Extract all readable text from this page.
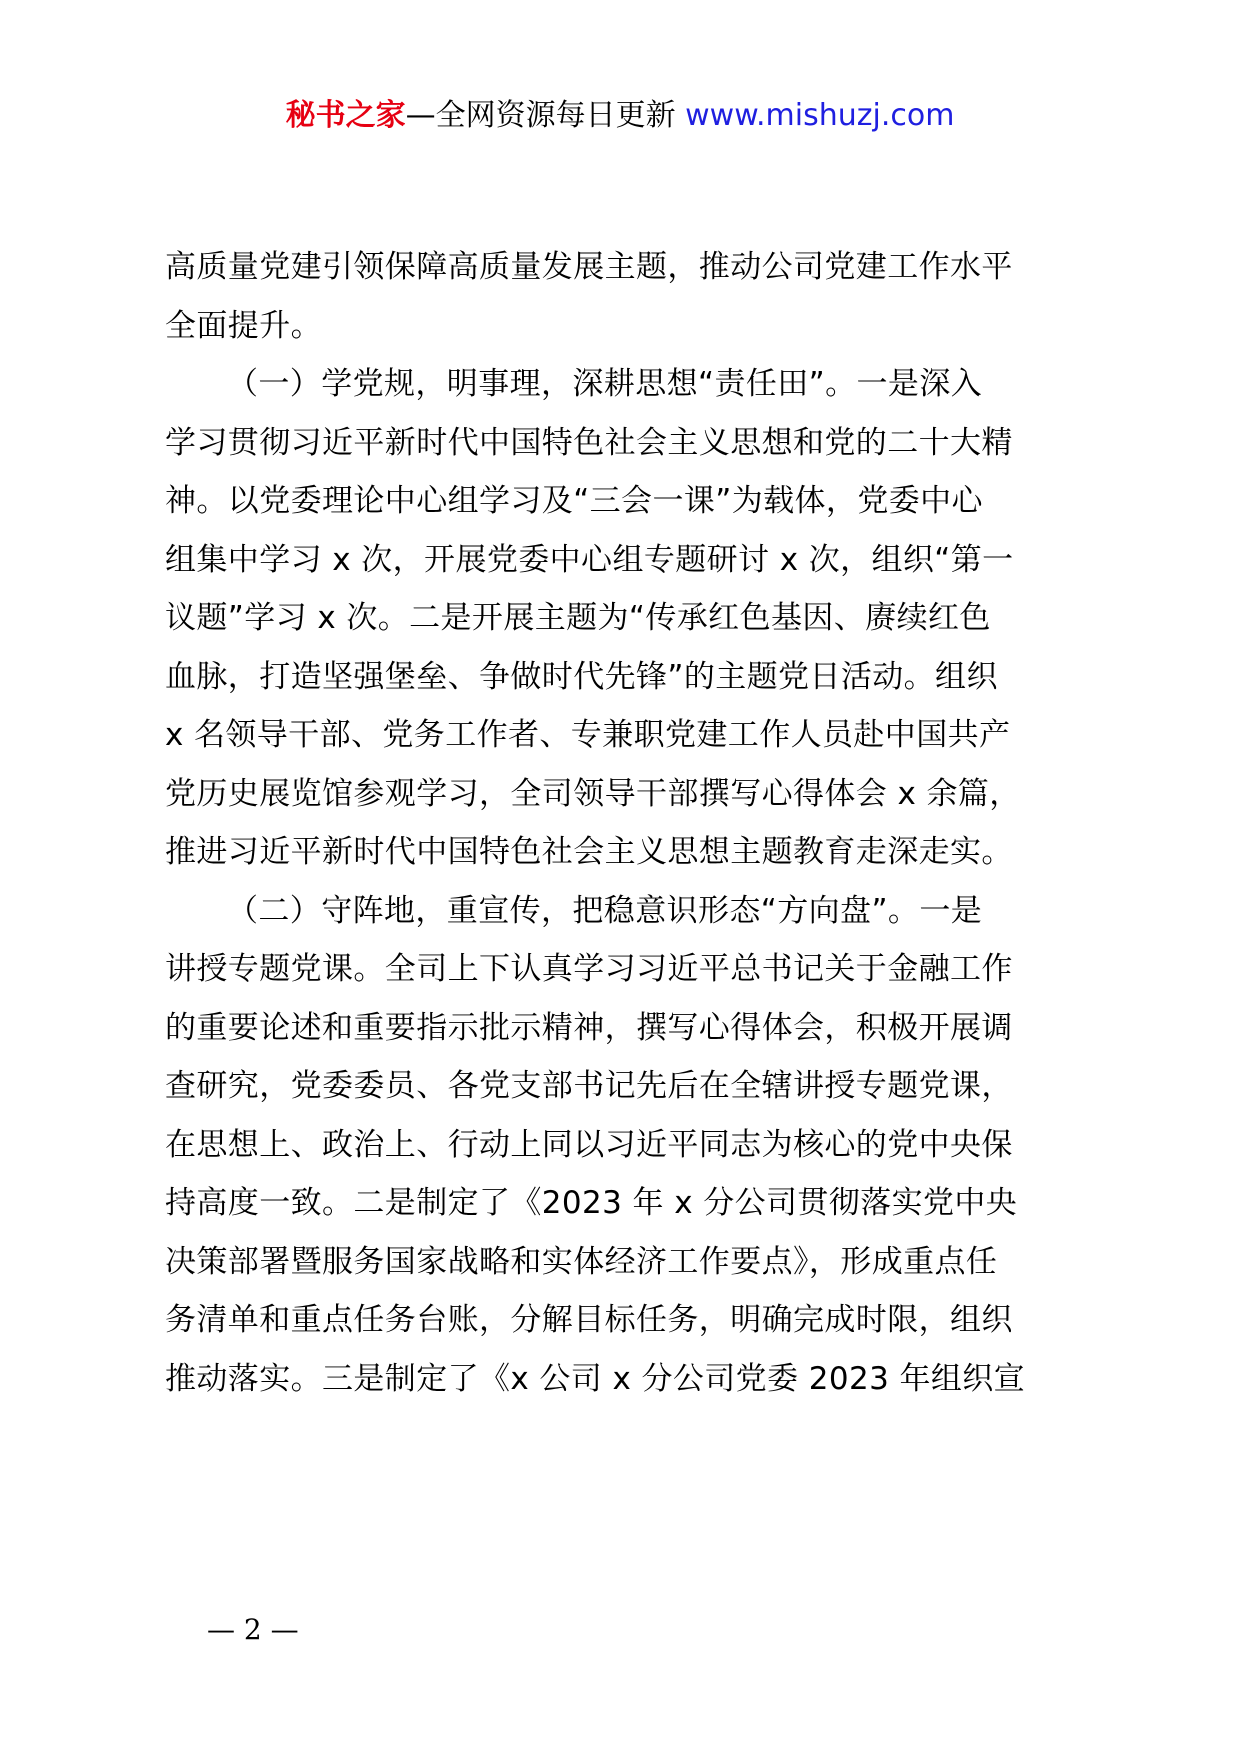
秘书之家—全网资源每日更新 www.mishuzj.com
高质量党建引领保障高质量发展主题，推动公司党建工作水平
全面提升。
（一）学党规，明事理，深耕思想“责任田”。一是深入
学习贯彻习近平新时代中国特色社会主义思想和党的二十大精
神。以党委理论中心组学习及“三会一课”为载体，党委中心
组集中学习 x 次，开展党委中心组专题研讨 x 次，组织“第一
议题”学习 x 次。二是开展主题为“传承红色基因、赓续红色
血脉，打造坚强堡垒、争做时代先锋”的主题党日活动。组织
x 名领导干部、党务工作者、专兼职党建工作人员赴中国共产
党历史展览馆参观学习，全司领导干部撰写心得体会 x 余篇，
推进习近平新时代中国特色社会主义思想主题教育走深走实。
（二）守阵地，重宣传，把稳意识形态“方向盘”。一是
讲授专题党课。全司上下认真学习习近平总书记关于金融工作
的重要论述和重要指示批示精神，撰写心得体会，积极开展调
查研究，党委委员、各党支部书记先后在全辖讲授专题党课，
在思想上、政治上、行动上同以习近平同志为核心的党中央保
持高度一致。二是制定了《2023 年 x 分公司贯彻落实党中央
决策部署暨服务国家战略和实体经济工作要点》，形成重点任
务清单和重点任务台账，分解目标任务，明确完成时限，组织
推动落实。三是制定了《x 公司 x 分公司党委 2023 年组织宣
— 2 —
